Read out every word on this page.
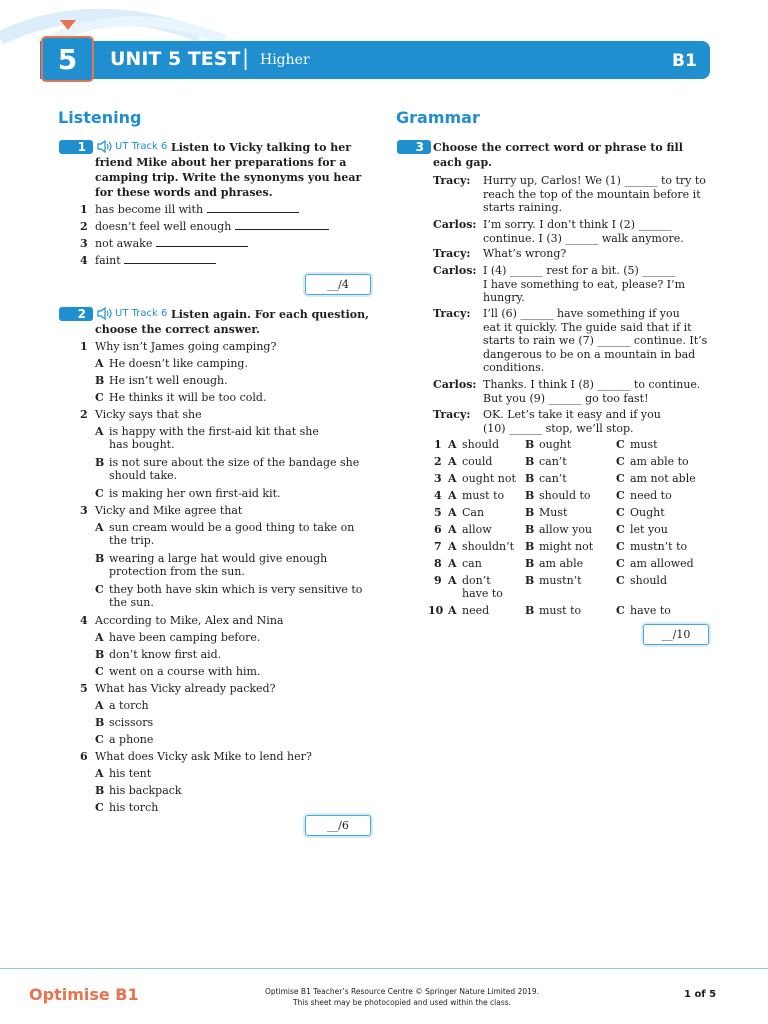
5	UNIT 5 TEST | Higher	B1
Listening	Grammar
1	UT Track 6 Listen to Vicky talking to her friend Mike about her preparations for a camping trip. Write the synonyms you hear for these words and phrases.
1 has become ill with
2 doesn’t feel well enough
3 not awake
4 faint
__/4
2	UT Track 6 Listen again. For each question, choose the correct answer.
1 Why isn’t James going camping?
A He doesn’t like camping.
B He isn’t well enough.
C He thinks it will be too cold.
2 Vicky says that she
A is happy with the first-aid kit that she
has bought.
B is not sure about the size of the bandage she
should take.
C is making her own first-aid kit.
3 Vicky and Mike agree that
A sun cream would be a good thing to take on
the trip.
B wearing a large hat would give enough
protection from the sun.
C they both have skin which is very sensitive to
the sun.
4 According to Mike, Alex and Nina
A have been camping before.
B don’t know first aid.
C went on a course with him.
5 What has Vicky already packed?
A a torch
B scissors
C a phone
6 What does Vicky ask Mike to lend her?
A his tent
B his backpack
C his torch
__/6
3 Choose the correct word or phrase to fill each gap.
Tracy: Hurry up, Carlos! We (1) ______ to try to
reach the top of the mountain before it
starts raining.
Carlos: I’m sorry. I don’t think I (2) ______
continue. I (3) ______ walk anymore.
Tracy: What’s wrong?
Carlos: I (4) ______ rest for a bit. (5) ______
I have something to eat, please? I’m
hungry.
Tracy: I’ll (6) ______ have something if you
eat it quickly. The guide said that if it
starts to rain we (7) ______ continue. It’s
dangerous to be on a mountain in bad
conditions.
Carlos: Thanks. I think I (8) ______ to continue.
But you (9) ______ go too fast!
Tracy: OK. Let’s take it easy and if you
(10) ______ stop, we’ll stop.
1 A should B ought	C must
2 A could	B can’t	C am able to
3 A ought not B can’t	C am not able
4 A must to B should to C need to
5 A Can	B Must	C Ought
6 A allow	B allow you C let you
7 A shouldn’t B might not C mustn’t to
8 A can	B am able	C am allowed
9 A don’t
have to
B mustn’t	C should
10 A need	B must to	C have to
__/10
Optimise B1	Optimise B1 Teacher’s Resource Centre © Springer Nature Limited 2019.
This sheet may be photocopied and used within the class.
1 of 5
